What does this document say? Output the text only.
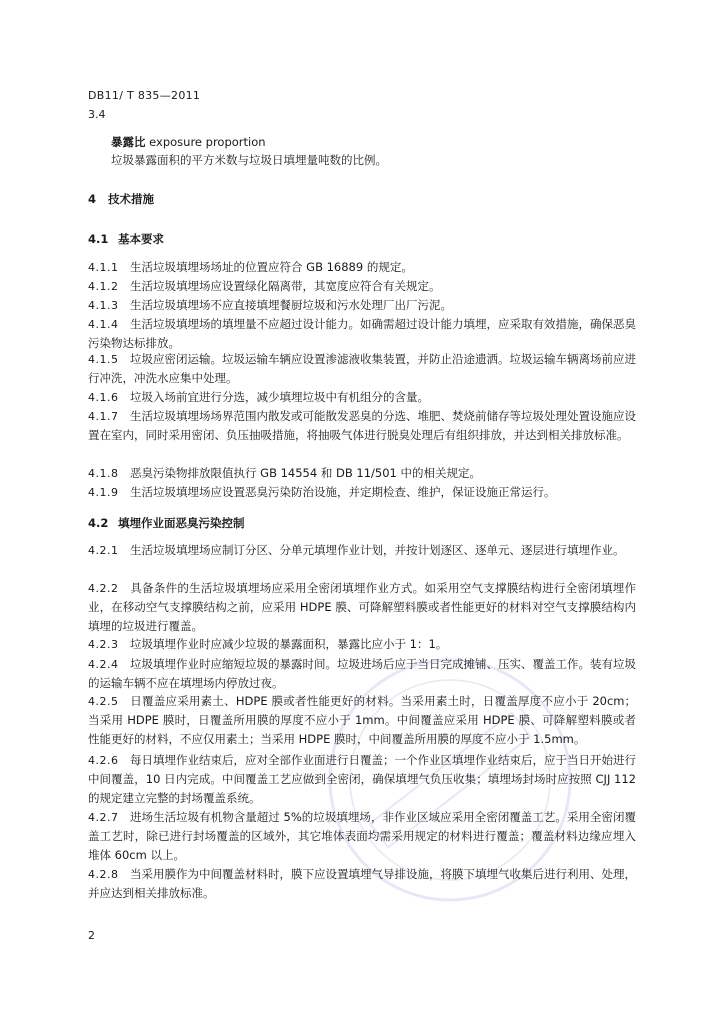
DB11/ T 835—2011
3.4
暴露比 exposure proportion
垃圾暴露面积的平方米数与垃圾日填埋量吨数的比例。
4 技术措施
4.1 基本要求
4.1.1 生活垃圾填埋场场址的位置应符合 GB 16889 的规定。
4.1.2 生活垃圾填埋场应设置绿化隔离带，其宽度应符合有关规定。
4.1.3 生活垃圾填埋场不应直接填埋餐厨垃圾和污水处理厂出厂污泥。
4.1.4 生活垃圾填埋场的填埋量不应超过设计能力。如确需超过设计能力填埋，应采取有效措施，确保恶臭污染物达标排放。
4.1.5 垃圾应密闭运输。垃圾运输车辆应设置渗滤液收集装置，并防止沿途遗洒。垃圾运输车辆离场前应进行冲洗，冲洗水应集中处理。
4.1.6 垃圾入场前宜进行分选，减少填埋垃圾中有机组分的含量。
4.1.7 生活垃圾填埋场场界范围内散发或可能散发恶臭的分选、堆肥、焚烧前储存等垃圾处理处置设施应设置在室内，同时采用密闭、负压抽吸措施，将抽吸气体进行脱臭处理后有组织排放，并达到相关排放标准。
4.1.8 恶臭污染物排放限值执行 GB 14554 和 DB 11/501 中的相关规定。
4.1.9 生活垃圾填埋场应设置恶臭污染防治设施，并定期检查、维护，保证设施正常运行。
4.2 填埋作业面恶臭污染控制
4.2.1 生活垃圾填埋场应制订分区、分单元填埋作业计划，并按计划逐区、逐单元、逐层进行填埋作业。
4.2.2 具备条件的生活垃圾填埋场应采用全密闭填埋作业方式。如采用空气支撑膜结构进行全密闭填埋作业，在移动空气支撑膜结构之前，应采用 HDPE 膜、可降解塑料膜或者性能更好的材料对空气支撑膜结构内填埋的垃圾进行覆盖。
4.2.3 垃圾填埋作业时应减少垃圾的暴露面积，暴露比应小于 1：1。
4.2.4 垃圾填埋作业时应缩短垃圾的暴露时间。垃圾进场后应于当日完成摊铺、压实、覆盖工作。装有垃圾的运输车辆不应在填埋场内停放过夜。
4.2.5 日覆盖应采用素土、HDPE 膜或者性能更好的材料。当采用素土时，日覆盖厚度不应小于 20cm；当采用 HDPE 膜时，日覆盖所用膜的厚度不应小于 1mm。中间覆盖应采用 HDPE 膜、可降解塑料膜或者性能更好的材料，不应仅用素土；当采用 HDPE 膜时，中间覆盖所用膜的厚度不应小于 1.5mm。
4.2.6 每日填埋作业结束后，应对全部作业面进行日覆盖；一个作业区填埋作业结束后，应于当日开始进行中间覆盖，10 日内完成。中间覆盖工艺应做到全密闭，确保填埋气负压收集；填埋场封场时应按照 CJJ 112 的规定建立完整的封场覆盖系统。
4.2.7 进场生活垃圾有机物含量超过 5%的垃圾填埋场，非作业区域应采用全密闭覆盖工艺。采用全密闭覆盖工艺时，除已进行封场覆盖的区域外，其它堆体表面均需采用规定的材料进行覆盖；覆盖材料边缘应埋入堆体 60cm 以上。
4.2.8 当采用膜作为中间覆盖材料时，膜下应设置填埋气导排设施，将膜下填埋气收集后进行利用、处理，并应达到相关排放标准。
2
